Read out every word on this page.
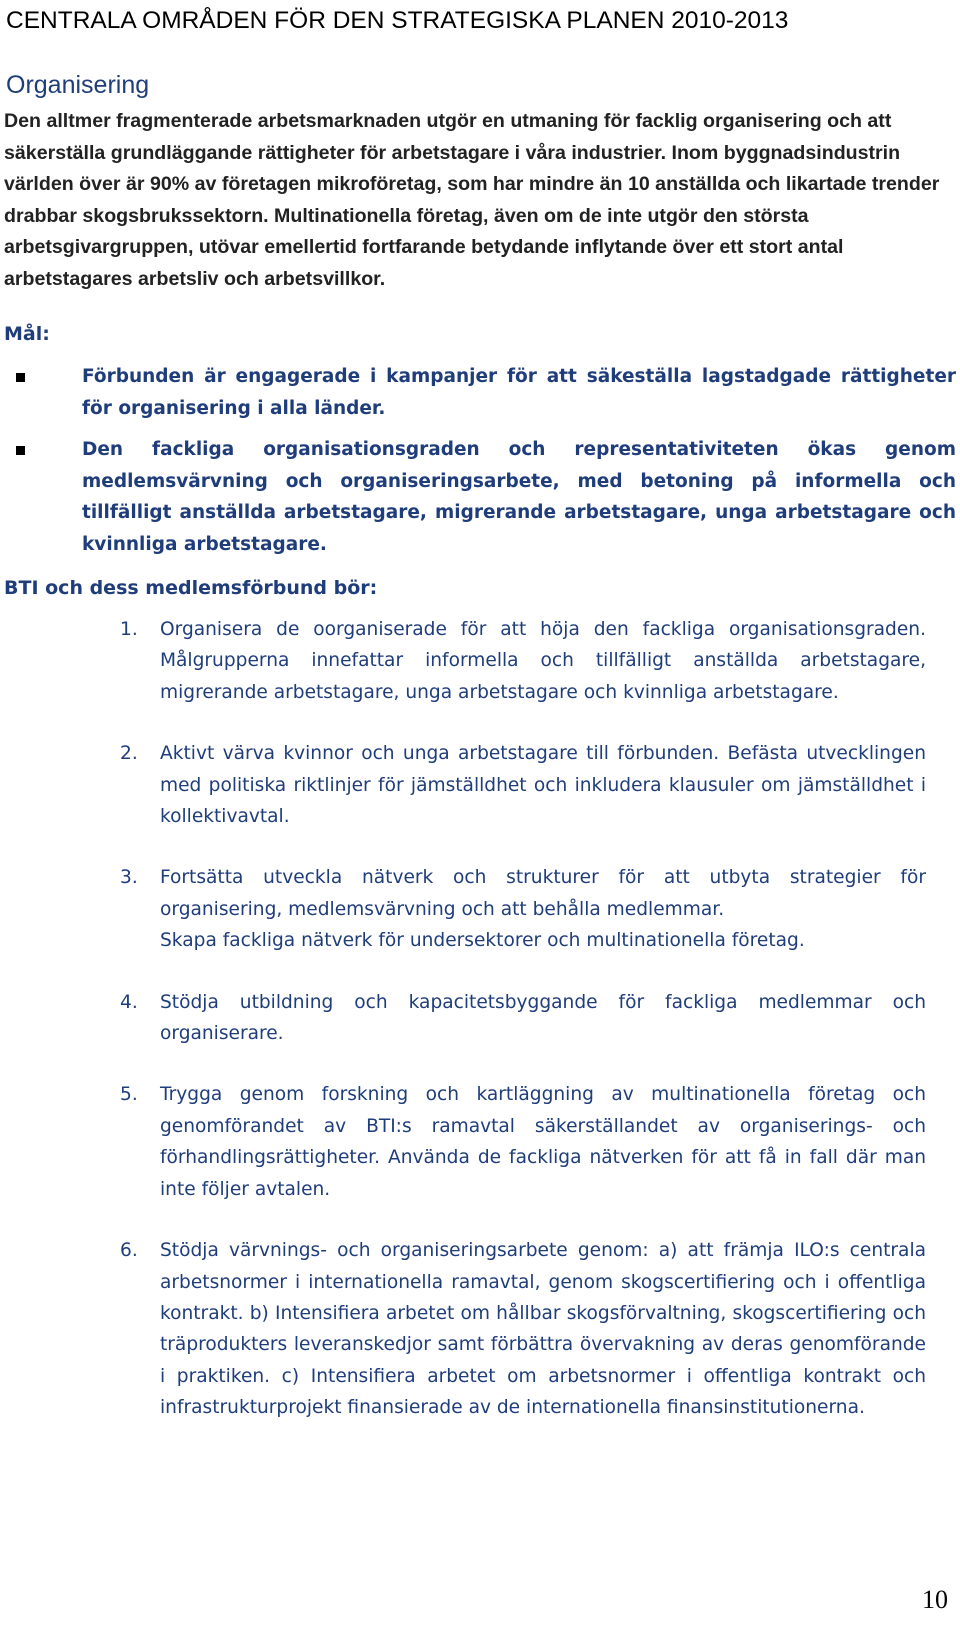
CENTRALA OMRÅDEN FÖR DEN STRATEGISKA PLANEN 2010-2013
Organisering

Den alltmer fragmenterade arbetsmarknaden utgör en utmaning för facklig organisering och att säkerställa grundläggande rättigheter för arbetstagare i våra industrier. Inom byggnadsindustrin världen över är 90% av företagen mikroföretag, som har mindre än 10 anställda och likartade trender drabbar skogsbrukssektorn. Multinationella företag, även om de inte utgör den största arbetsgivargruppen, utövar emellertid fortfarande betydande inflytande över ett stort antal arbetstagares arbetsliv och arbetsvillkor.

Mål:
Förbunden är engagerade i kampanjer för att säkeställa lagstadgade rättigheter för organisering i alla länder.
Den fackliga organisationsgraden och representativiteten ökas genom medlemsvärvning och organiseringsarbete, med betoning på informella och tillfälligt anställda arbetstagare, migrerande arbetstagare, unga arbetstagare och kvinnliga arbetstagare.
BTI och dess medlemsförbund bör:
1. Organisera de oorganiserade för att höja den fackliga organisationsgraden. Målgrupperna innefattar informella och tillfälligt anställda arbetstagare, migrerande arbetstagare, unga arbetstagare och kvinnliga arbetstagare.
2. Aktivt värva kvinnor och unga arbetstagare till förbunden. Befästa utvecklingen med politiska riktlinjer för jämställdhet och inkludera klausuler om jämställdhet i kollektivavtal.
3. Fortsätta utveckla nätverk och strukturer för att utbyta strategier för organisering, medlemsvärvning och att behålla medlemmar.
Skapa fackliga nätverk för undersektorer och multinationella företag.
4. Stödja utbildning och kapacitetsbyggande för fackliga medlemmar och organiserare.
5. Trygga genom forskning och kartläggning av multinationella företag och genomförandet av BTI:s ramavtal säkerställandet av organiserings- och förhandlingsrättigheter. Använda de fackliga nätverken för att få in fall där man inte följer avtalen.
6. Stödja värvnings- och organiseringsarbete genom: a) att främja ILO:s centrala arbetsnormer i internationella ramavtal, genom skogscertifiering och i offentliga kontrakt. b) Intensifiera arbetet om hållbar skogsförvaltning, skogscertifiering och träprodukters leveranskedjor samt förbättra övervakning av deras genomförande i praktiken. c) Intensifiera arbetet om arbetsnormer i offentliga kontrakt och infrastrukturprojekt finansierade av de internationella finansinstitutionerna.
10
